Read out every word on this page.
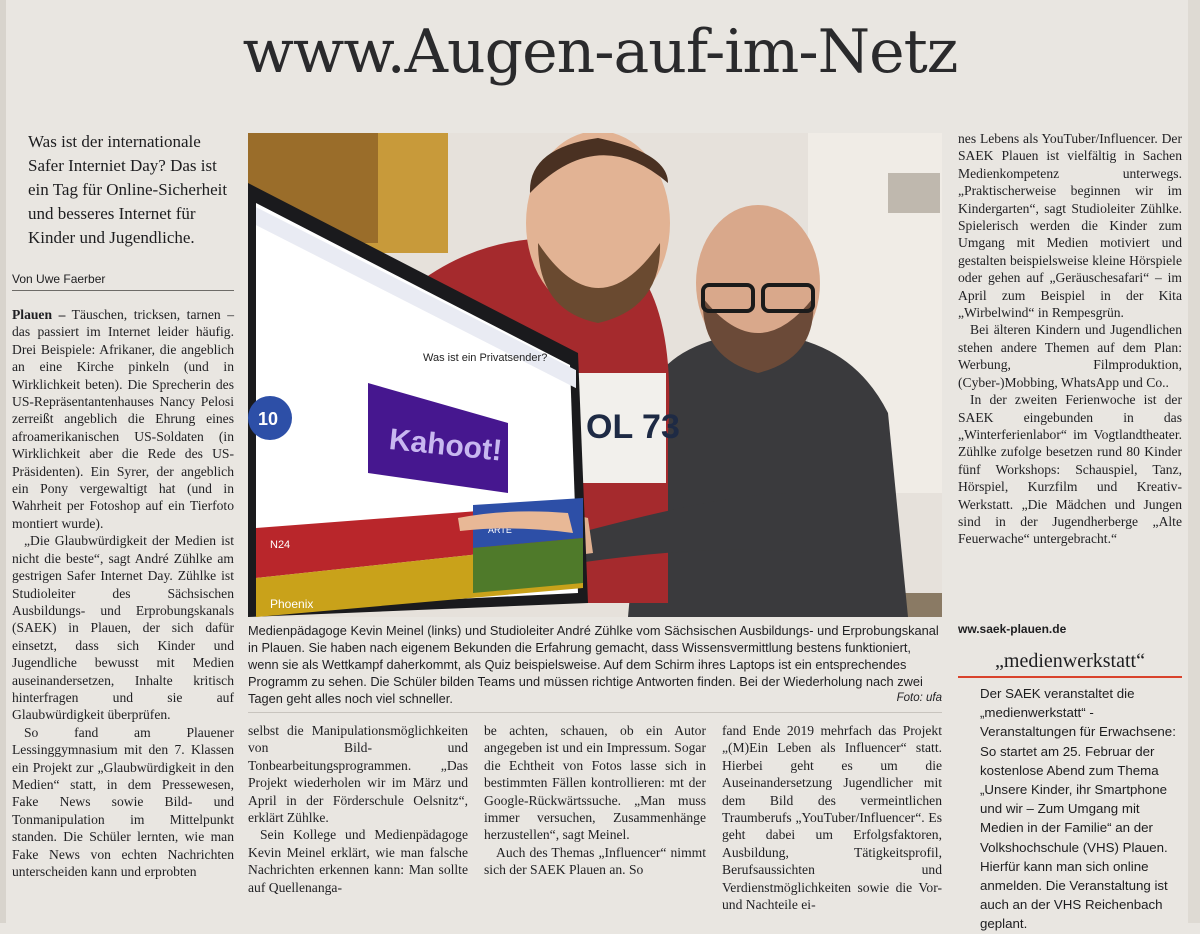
www.Augen-auf-im-Netz
Was ist der internationale Safer Interniet Day? Das ist ein Tag für Online-Sicherheit und besseres Internet für Kinder und Jugendliche.
Von Uwe Faerber

Plauen – Täuschen, tricksen, tarnen – das passiert im Internet leider häufig. Drei Beispiele: Afrikaner, die angeblich an eine Kirche pinkeln (und in Wirklichkeit beten). Die Sprecherin des US-Repräsentantenhauses Nancy Pelosi zerreißt angeblich die Ehrung eines afroamerikanischen US-Soldaten (in Wirklichkeit aber die Rede des US-Präsidenten). Ein Syrer, der angeblich ein Pony vergewaltigt hat (und in Wahrheit per Fotoshop auf ein Tierfoto montiert wurde).

„Die Glaubwürdigkeit der Medien ist nicht die beste“, sagt André Zühlke am gestrigen Safer Internet Day. Zühlke ist Studioleiter des Sächsischen Ausbildungs- und Erprobungskanals (SAEK) in Plauen, der sich dafür einsetzt, dass sich Kinder und Jugendliche bewusst mit Medien auseinandersetzen, Inhalte kritisch hinterfragen und sie auf Glaubwürdigkeit überprüfen.

So fand am Plauener Lessinggymnasium mit den 7. Klassen ein Projekt zur „Glaubwürdigkeit in den Medien“ statt, in dem Pressewesen, Fake News sowie Bild- und Tonmanipulation im Mittelpunkt standen. Die Schüler lernten, wie man Fake News von echten Nachrichten unterscheiden kann und erprobten

OL 73
Was ist ein Privatsender?
10
Kahoot!
N24
ARTE
Phoenix
Medienpädagoge Kevin Meinel (links) und Studioleiter André Zühlke vom Sächsischen Ausbildungs- und Erprobungskanal in Plauen. Sie haben nach eigenem Bekunden die Erfahrung gemacht, dass Wissensvermittlung bestens funktioniert, wenn sie als Wettkampf daherkommt, als Quiz beispielsweise. Auf dem Schirm ihres Laptops ist ein entsprechendes Programm zu sehen. Die Schüler bilden Teams und müssen richtige Antworten finden. Bei der Wiederholung nach zwei Tagen geht alles noch viel schneller.	Foto: ufa

selbst die Manipulationsmöglichkeiten von Bild- und Tonbearbeitungsprogrammen. „Das Projekt wiederholen wir im März und April in der Förderschule Oelsnitz“, erklärt Zühlke.

Sein Kollege und Medienpädagoge Kevin Meinel erklärt, wie man falsche Nachrichten erkennen kann: Man sollte auf Quellenanga-

be achten, schauen, ob ein Autor angegeben ist und ein Impressum. Sogar die Echtheit von Fotos lasse sich in bestimmten Fällen kontrollieren: mt der Google-Rückwärtssuche. „Man muss immer versuchen, Zusammenhänge herzustellen“, sagt Meinel.

Auch des Themas „Influencer“ nimmt sich der SAEK Plauen an. So

fand Ende 2019 mehrfach das Projekt „(M)Ein Leben als Influencer“ statt. Hierbei geht es um die Auseinandersetzung Jugendlicher mit dem Bild des vermeintlichen Traumberufs „YouTuber/Influencer“. Es geht dabei um Erfolgsfaktoren, Ausbildung, Tätigkeitsprofil, Berufsaussichten und Verdienstmöglichkeiten sowie die Vor- und Nachteile ei-

nes Lebens als YouTuber/Influencer. Der SAEK Plauen ist vielfältig in Sachen Medienkompetenz unterwegs. „Praktischerweise beginnen wir im Kindergarten“, sagt Studioleiter Zühlke. Spielerisch werden die Kinder zum Umgang mit Medien motiviert und gestalten beispielsweise kleine Hörspiele oder gehen auf „Geräuschesafari“ – im April zum Beispiel in der Kita „Wirbelwind“ in Rempesgrün.

Bei älteren Kindern und Jugendlichen stehen andere Themen auf dem Plan: Werbung, Filmproduktion, (Cyber-)Mobbing, WhatsApp und Co..

In der zweiten Ferienwoche ist der SAEK eingebunden in das „Winterferienlabor“ im Vogtlandtheater. Zühlke zufolge besetzen rund 80 Kinder fünf Workshops: Schauspiel, Tanz, Hörspiel, Kurzfilm und Kreativ-Werkstatt. „Die Mädchen und Jungen sind in der Jugendherberge „Alte Feuerwache“ untergebracht.“

ww.saek-plauen.de
„medienwerkstatt“
Der SAEK veranstaltet die „medienwerkstatt“ - Veranstaltungen für Erwachsene: So startet am 25. Februar der kostenlose Abend zum Thema „Unsere Kinder, ihr Smartphone und wir – Zum Umgang mit Medien in der Familie“ an der Volkshochschule (VHS) Plauen. Hierfür kann man sich online anmelden. Die Veranstaltung ist auch an der VHS Reichenbach geplant.
